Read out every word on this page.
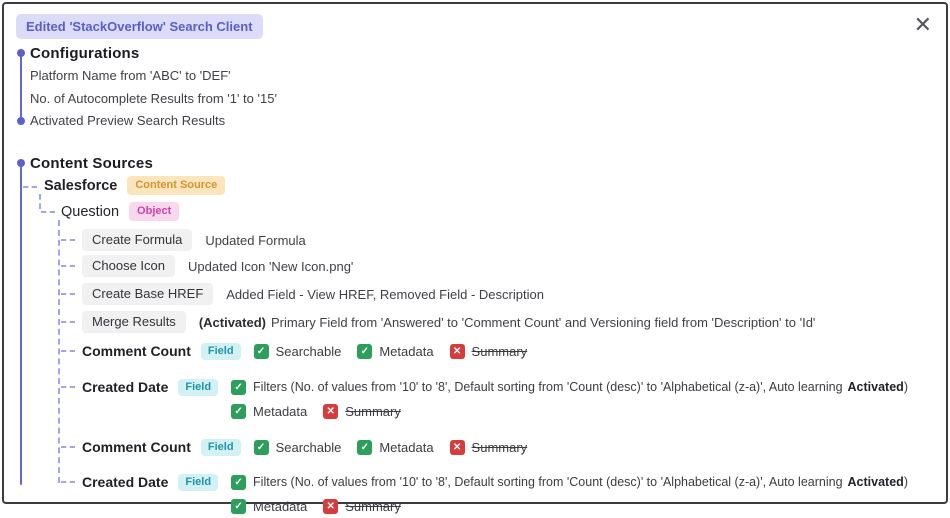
Edited 'StackOverflow' Search Client	✕
Configurations
Platform Name from 'ABC' to 'DEF'
No. of Autocomplete Results from '1' to '15'
Activated Preview Search Results
Content Sources
Salesforce	Content Source
Question	Object
Create Formula	Updated Formula
Choose Icon	Updated Icon 'New Icon.png'
Create Base HREF	Added Field - View HREF, Removed Field - Description
Merge Results	(Activated) Primary Field from 'Answered' to 'Comment Count' and Versioning field from 'Description' to 'Id'
Comment Count	Field	✓ Searchable	✓ Metadata	✕ Summary
Created Date	Field	✓ Filters (No. of values from '10' to '8', Default sorting from 'Count (desc)' to 'Alphabetical (z-a)', Auto learning Activated)
✓ Metadata	✕ Summary
Comment Count	Field	✓ Searchable	✓ Metadata	✕ Summary
Created Date	Field	✓ Filters (No. of values from '10' to '8', Default sorting from 'Count (desc)' to 'Alphabetical (z-a)', Auto learning Activated)
✓ Metadata	✕ Summary
